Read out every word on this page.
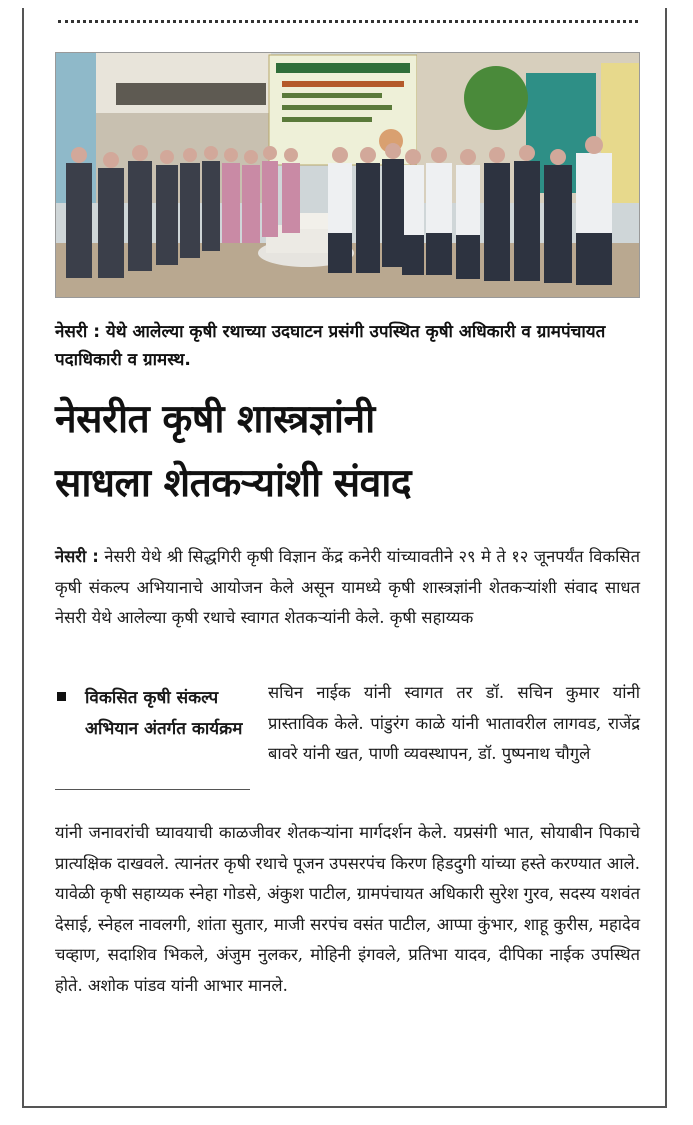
नेसरी : येथे आलेल्या कृषी रथाच्या उदघाटन प्रसंगी उपस्थित कृषी अधिकारी व ग्रामपंचायत पदाधिकारी व ग्रामस्थ.
नेसरीत कृषी शास्त्रज्ञांनी
साधला शेतकऱ्यांशी संवाद
नेसरी : नेसरी येथे श्री सिद्धगिरी कृषी विज्ञान केंद्र कनेरी यांच्यावतीने २९ मे ते १२ जूनपर्यंत विकसित कृषी संकल्प अभियानाचे आयोजन केले असून यामध्ये कृषी शास्त्रज्ञांनी शेतकऱ्यांशी संवाद साधत नेसरी येथे आलेल्या कृषी रथाचे स्वागत शेतकऱ्यांनी केले. कृषी सहाय्यक
विकसित कृषी संकल्प अभियान अंतर्गत कार्यक्रम
सचिन नाईक यांनी स्वागत तर डॉ. सचिन कुमार यांनी प्रास्ताविक केले. पांडुरंग काळे यांनी भातावरील लागवड, राजेंद्र बावरे यांनी खत, पाणी व्यवस्थापन, डॉ. पुष्पनाथ चौगुले
यांनी जनावरांची घ्यावयाची काळजीवर शेतकऱ्यांना मार्गदर्शन केले. यप्रसंगी भात, सोयाबीन पिकाचे प्रात्यक्षिक दाखवले. त्यानंतर कृषी रथाचे पूजन उपसरपंच किरण हिडदुगी यांच्या हस्ते करण्यात आले. यावेळी कृषी सहाय्यक स्नेहा गोडसे, अंकुश पाटील, ग्रामपंचायत अधिकारी सुरेश गुरव, सदस्य यशवंत देसाई, स्नेहल नावलगी, शांता सुतार, माजी सरपंच वसंत पाटील, आप्पा कुंभार, शाहू कुरीस, महादेव चव्हाण, सदाशिव भिकले, अंजुम नुलकर, मोहिनी इंगवले, प्रतिभा यादव, दीपिका नाईक उपस्थित होते. अशोक पांडव यांनी आभार मानले.
